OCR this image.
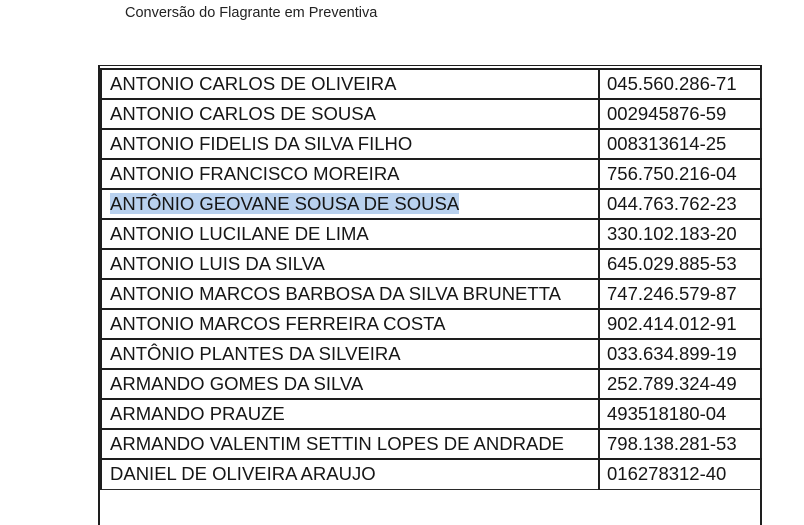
Conversão do Flagrante em Preventiva
ANTONIO CARLOS DE OLIVEIRA	045.560.286-71
ANTONIO CARLOS DE SOUSA	002945876-59
ANTONIO FIDELIS DA SILVA FILHO	008313614-25
ANTONIO FRANCISCO MOREIRA	756.750.216-04
ANTÔNIO GEOVANE SOUSA DE SOUSA	044.763.762-23
ANTONIO LUCILANE DE LIMA	330.102.183-20
ANTONIO LUIS DA SILVA	645.029.885-53
ANTONIO MARCOS BARBOSA DA SILVA BRUNETTA	747.246.579-87
ANTONIO MARCOS FERREIRA COSTA	902.414.012-91
ANTÔNIO PLANTES DA SILVEIRA	033.634.899-19
ARMANDO GOMES DA SILVA	252.789.324-49
ARMANDO PRAUZE	493518180-04
ARMANDO VALENTIM SETTIN LOPES DE ANDRADE	798.138.281-53
DANIEL DE OLIVEIRA ARAUJO	016278312-40
